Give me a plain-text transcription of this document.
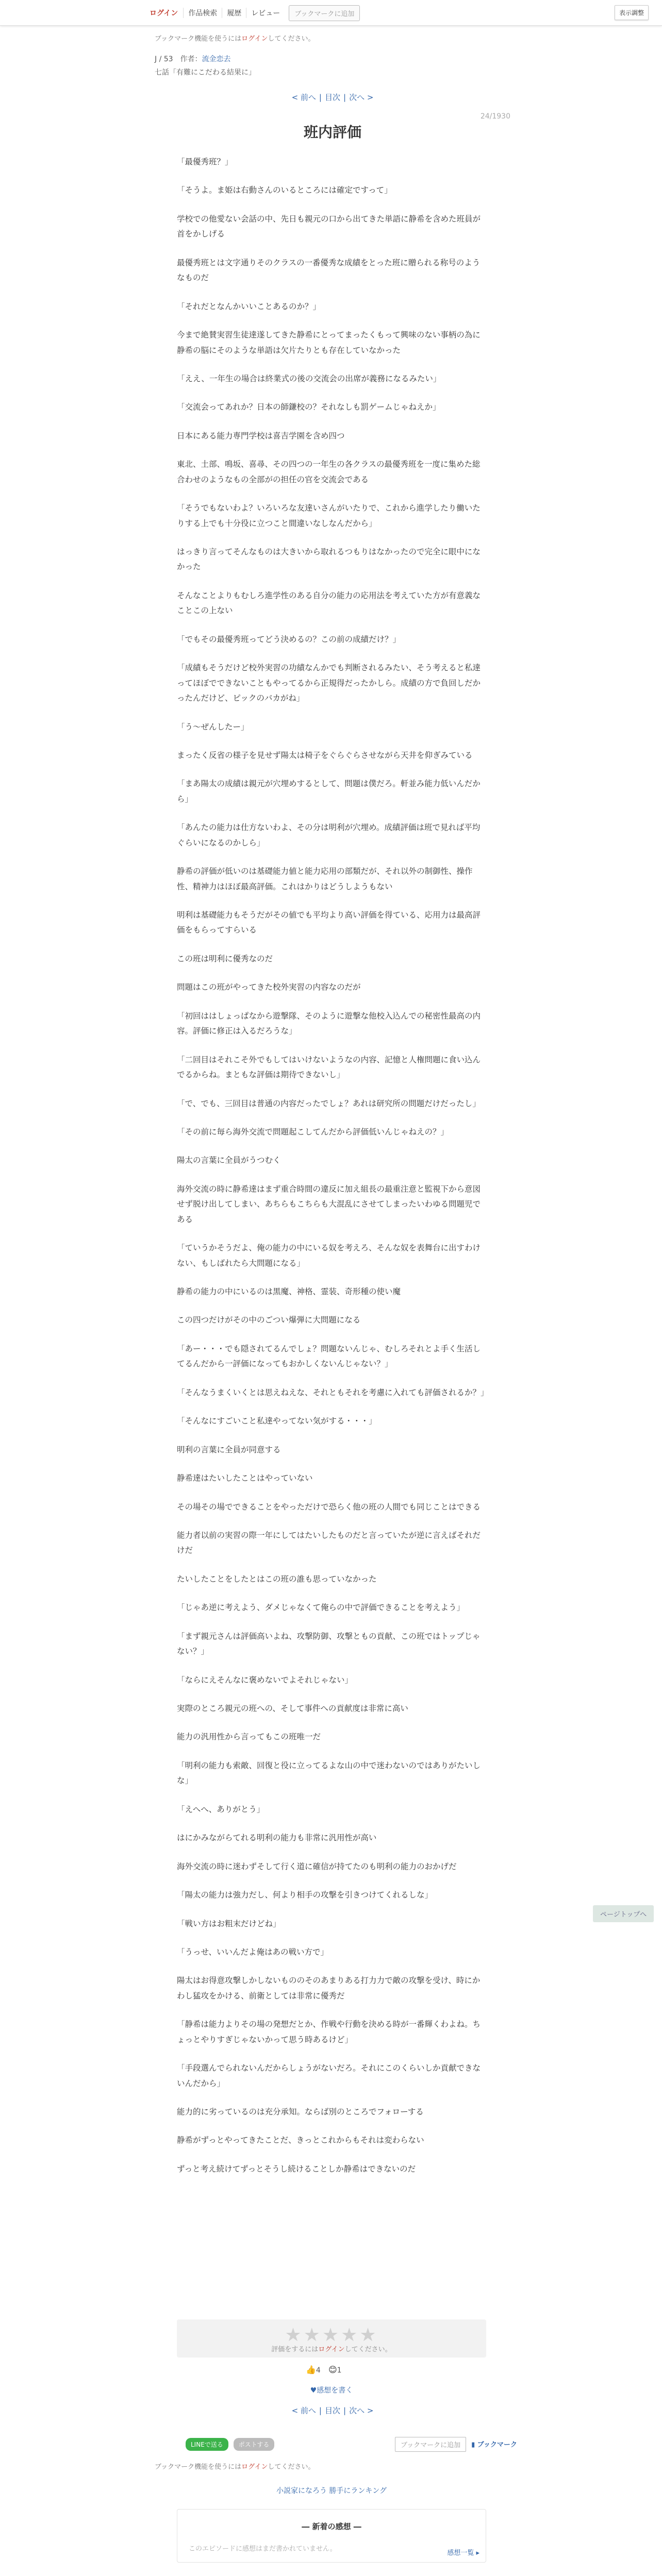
ログイン	作品検索	履歴	レビュー	ブックマークに追加	表示調整
ブックマーク機能を使うにはログインしてください。
J / 53　 作者：流金恋去
七話「有難にこだわる結果に」
< 前へ | 目次 | 次へ >
24/1930
班内評価

「最優秀班？」

「そうよ。ま姫は右動さんのいるところには確定ですって」

学校での他愛ない会話の中、先日も親元の口から出てきた単語に静希を含めた班員が首をかしげる

最優秀班とは文字通りそのクラスの一番優秀な成績をとった班に贈られる称号のようなものだ

「それだとなんかいいことあるのか？」

今まで絶賛実習生徒達遂してきた静希にとってまったくもって興味のない事柄の為に静希の脳にそのような単語は欠片たりとも存在していなかった

「ええ、一年生の場合は終業式の後の交流会の出席が義務になるみたい」

「交流会ってあれか？日本の師鎌校の？それなしも罰ゲームじゃねえか」

日本にある能力専門学校は喜吉学園を含め四つ

東北、土部、鳴坂、喜尋、その四つの一年生の各クラスの最優秀班を一度に集めた総合わせのようなもの全部がの担任の官を交流会である

「そうでもないわよ？いろいろな友達いさんがいたりで、これから進学したり働いたりする上でも十分役に立つこと間違いなしなんだから」

はっきり言ってそんなものは大きいから取れるつもりはなかったので完全に眼中になかった

そんなことよりもむしろ進学性のある自分の能力の応用法を考えていた方が有意義なことこの上ない

「でもその最優秀班ってどう決めるの？この前の成績だけ？」

「成績もそうだけど校外実習の功績なんかでも判断されるみたい、そう考えると私達ってほぼでできないこともやってるから正規得だったかしら。成績の方で負回しだかったんだけど、ピックのバカがね」

「う〜ぜんしたー」

まったく反省の様子を見せず陽太は椅子をぐらぐらさせながら天井を仰ぎみている

「まあ陽太の成績は親元が穴埋めするとして、問題は僕だろ。軒並み能力低いんだから」

「あんたの能力は仕方ないわよ、その分は明利が穴埋め。成績評価は班で見れば平均ぐらいになるのかしら」

静希の評価が低いのは基礎能力値と能力応用の部類だが、それ以外の制御性、操作性、精神力はほぼ最高評価。これはかりはどうしようもない

明利は基礎能力もそうだがその値でも平均より高い評価を得ている、応用力は最高評価をもらってすらいる

この班は明利に優秀なのだ

問題はこの班がやってきた校外実習の内容なのだが

「初回ははしょっぱなから遊撃隊、そのように遊撃な他校入込んでの秘密性最高の内容。評価に修正は入るだろうな」

「二回目はそれこそ外でもしてはいけないようなの内容、記憶と人権問題に食い込んでるからね。まともな評価は期待できないし」

「で、でも、三回目は普通の内容だったでしょ？あれは研究所の問題だけだったし」

「その前に毎ら海外交流で問題起こしてんだから評価低いんじゃねえの？」

陽太の言葉に全員がうつむく

海外交流の時に静希達はまず重合時間の違反に加え組長の最重注意と監視下から意図せず脱け出してしまい、あちらもこちらも大混乱にさせてしまったいわゆる問題児である

「ていうかそうだよ、俺の能力の中にいる奴を考えろ、そんな奴を表舞台に出すわけない、もしばれたら大問題になる」

静希の能力の中にいるのは黒魔、神格、霊装、奇形種の使い魔

この四つだけがその中のごつい爆弾に大問題になる

「あー・・・でも隠されてるんでしょ？問題ないんじゃ、むしろそれとよ手く生活してるんだから一評価になってもおかしくないんじゃない？」

「そんなうまくいくとは思えねえな、それともそれを考慮に入れても評価されるか？」

「そんなにすごいこと私達やってない気がする・・・」

明利の言葉に全員が同意する

静希達はたいしたことはやっていない

その場その場でできることをやっただけで恐らく他の班の人間でも同じことはできる

能力者以前の実習の際一年にしてはたいしたものだと言っていたが逆に言えばそれだけだ

たいしたことをしたとはこの班の誰も思っていなかった

「じゃあ逆に考えよう、ダメじゃなくて俺らの中で評価できることを考えよう」

「まず親元さんは評価高いよね、攻撃防御、攻撃ともの貢献、この班ではトップじゃない？」

「ならにえそんなに褒めないでよそれじゃない」

実際のところ親元の班への、そして事件への貢献度は非常に高い

能力の汎用性から言ってもこの班唯一だ

「明利の能力も索敵、回復と役に立ってるよな山の中で迷わないのではありがたいしな」

「えへへ、ありがとう」

はにかみながらてれる明利の能力も非常に汎用性が高い

海外交流の時に迷わずそして行く道に確信が持てたのも明利の能力のおかげだ

「陽太の能力は強力だし、何より相手の攻撃を引きつけてくれるしな」

「戦い方はお粗末だけどね」

「うっせ、いいんだよ俺はあの戦い方で」

陽太はお得意攻撃しかしないもののそのあまりある打力力で敵の攻撃を受け、時にかわし猛攻をかける、前衛としては非常に優秀だ

「静希は能力よりその場の発想だとか、作戦や行動を決める時が一番輝くわよね。ちょっとやりすぎじゃないかって思う時あるけど」

「手段選んでられないんだからしょうがないだろ。それにこのくらいしか貢献できないんだから」

能力的に劣っているのは充分承知。ならば別のところでフォローする

静希がずっとやってきたことだ、きっとこれからもそれは変わらない

ずっと考え続けてずっとそうし続けることしか静希はできないのだ

ページトップへ
★★★★★
評価をするにはログインしてください。
👍4 😊1
♥感想を書く
< 前へ | 目次 | 次へ >
LINEで送る	ポストする	ブックマークに追加	▮ ブックマーク
ブックマーク機能を使うにはログインしてください。
小説家になろう 勝手にランキング
― 新着の感想 ―
このエピソードに感想はまだ書かれていません。
感想一覧 ▸
